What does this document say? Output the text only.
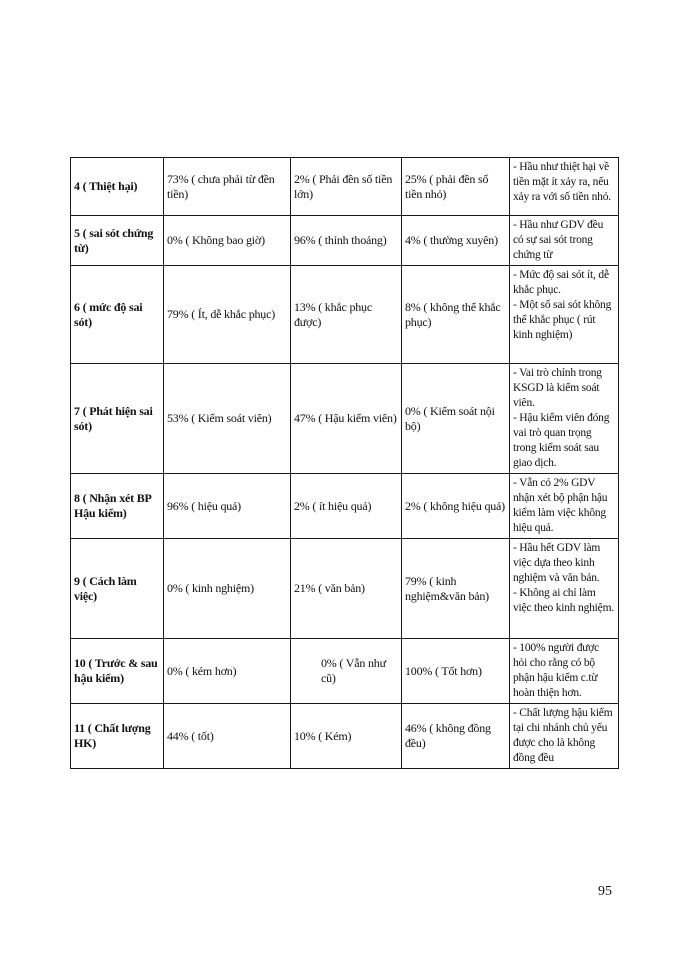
4 ( Thiệt hại)	73% ( chưa phải từ đền tiền)	2% ( Phải đền số tiền lớn)	25% ( phải đền số tiền nhỏ)	- Hầu như thiệt hại về tiền mặt ít xảy ra, nếu xảy ra với số tiền nhỏ.

5 ( sai sót chứng từ)	0% ( Không bao giờ)	96% ( thỉnh thoảng)	4% ( thường xuyên)	- Hầu như GDV đều có sự sai sót trong chứng từ

6 ( mức độ sai sót)	79% ( Ít, dễ khắc phục)	13% ( khắc phục được)	8% ( không thể khắc phục)	- Mức độ sai sót ít, dễ khắc phục.
- Một số sai sót không thể khắc phục ( rút kinh nghiệm)

7 ( Phát hiện sai sót)	53% ( Kiểm soát viên)	47% ( Hậu kiểm viên)	0% ( Kiểm soát nội bộ)	- Vai trò chính trong KSGD là kiểm soát viên.
- Hậu kiểm viên đóng vai trò quan trọng trong kiểm soát sau giao dịch.

8 ( Nhận xét BP Hậu kiểm)	96% ( hiệu quả)	2% ( ít hiệu quả)	2% ( không hiệu quả)	- Vẫn có 2% GDV nhận xét bộ phận hậu kiểm làm việc không hiệu quả.

9 ( Cách làm việc)	0% ( kinh nghiệm)	21% ( văn bản)	79% ( kinh nghiệm&văn bản)	- Hầu hết GDV làm việc dựa theo kinh nghiệm và văn bản.
- Không ai chỉ làm việc theo kinh nghiệm.

10 ( Trước & sau hậu kiểm)	0% ( kém hơn)	0% ( Vẫn như cũ)	100% ( Tốt hơn)	- 100% người được hỏi cho rằng có bộ phận hậu kiểm c.từ hoàn thiện hơn.

11 ( Chất lượng HK)	44% ( tốt)	10% ( Kém)	46% ( không đồng đều)	- Chất lượng hậu kiểm tại chi nhánh chủ yếu được cho là không đồng đều
95
